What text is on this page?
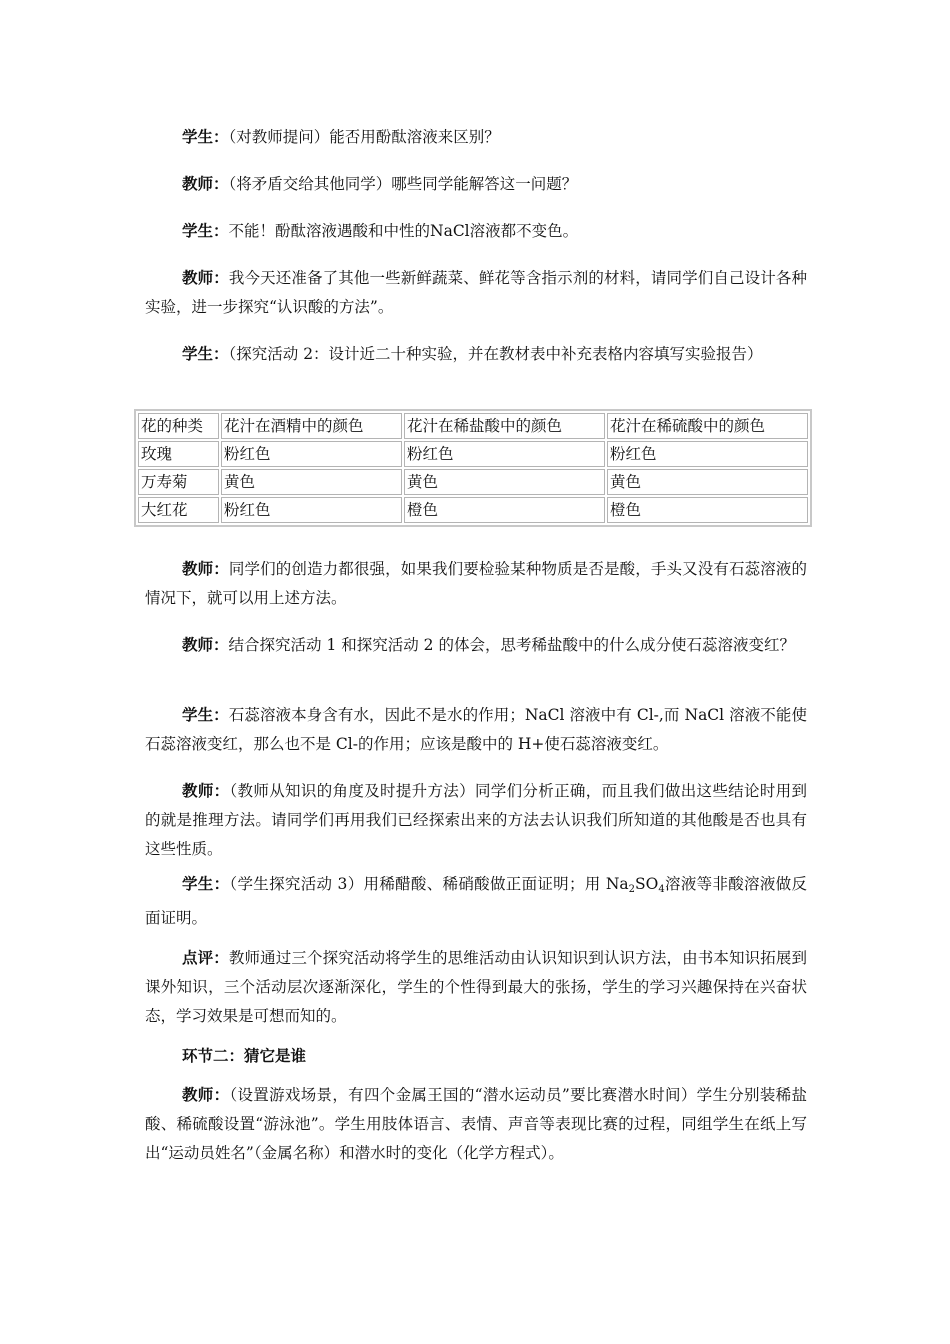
学生：（对教师提问）能否用酚酞溶液来区别？

教师：（将矛盾交给其他同学）哪些同学能解答这一问题？

学生：不能！酚酞溶液遇酸和中性的NaCl溶液都不变色。

教师：我今天还准备了其他一些新鲜蔬菜、鲜花等含指示剂的材料，请同学们自己设计各种实验，进一步探究“认识酸的方法”。

学生：（探究活动 2：设计近二十种实验，并在教材表中补充表格内容填写实验报告）

花的种类	花汁在酒精中的颜色	花汁在稀盐酸中的颜色	花汁在稀硫酸中的颜色
玫瑰	粉红色	粉红色	粉红色
万寿菊	黄色	黄色	黄色
大红花	粉红色	橙色	橙色

教师：同学们的创造力都很强，如果我们要检验某种物质是否是酸，手头又没有石蕊溶液的情况下，就可以用上述方法。

教师：结合探究活动 1 和探究活动 2 的体会，思考稀盐酸中的什么成分使石蕊溶液变红？

学生：石蕊溶液本身含有水，因此不是水的作用；NaCl 溶液中有 Cl-,而 NaCl 溶液不能使石蕊溶液变红，那么也不是 Cl-的作用；应该是酸中的 H+使石蕊溶液变红。

教师：（教师从知识的角度及时提升方法）同学们分析正确，而且我们做出这些结论时用到的就是推理方法。请同学们再用我们已经探索出来的方法去认识我们所知道的其他酸是否也具有这些性质。

学生：（学生探究活动 3）用稀醋酸、稀硝酸做正面证明；用 $Na_2SO_4$溶液等非酸溶液做反面证明。

点评：教师通过三个探究活动将学生的思维活动由认识知识到认识方法，由书本知识拓展到课外知识，三个活动层次逐渐深化，学生的个性得到最大的张扬，学生的学习兴趣保持在兴奋状态，学习效果是可想而知的。

环节二：猜它是谁

教师：（设置游戏场景，有四个金属王国的“潜水运动员”要比赛潜水时间）学生分别装稀盐酸、稀硫酸设置“游泳池”。学生用肢体语言、表情、声音等表现比赛的过程，同组学生在纸上写出“运动员姓名”（金属名称）和潜水时的变化（化学方程式）。
